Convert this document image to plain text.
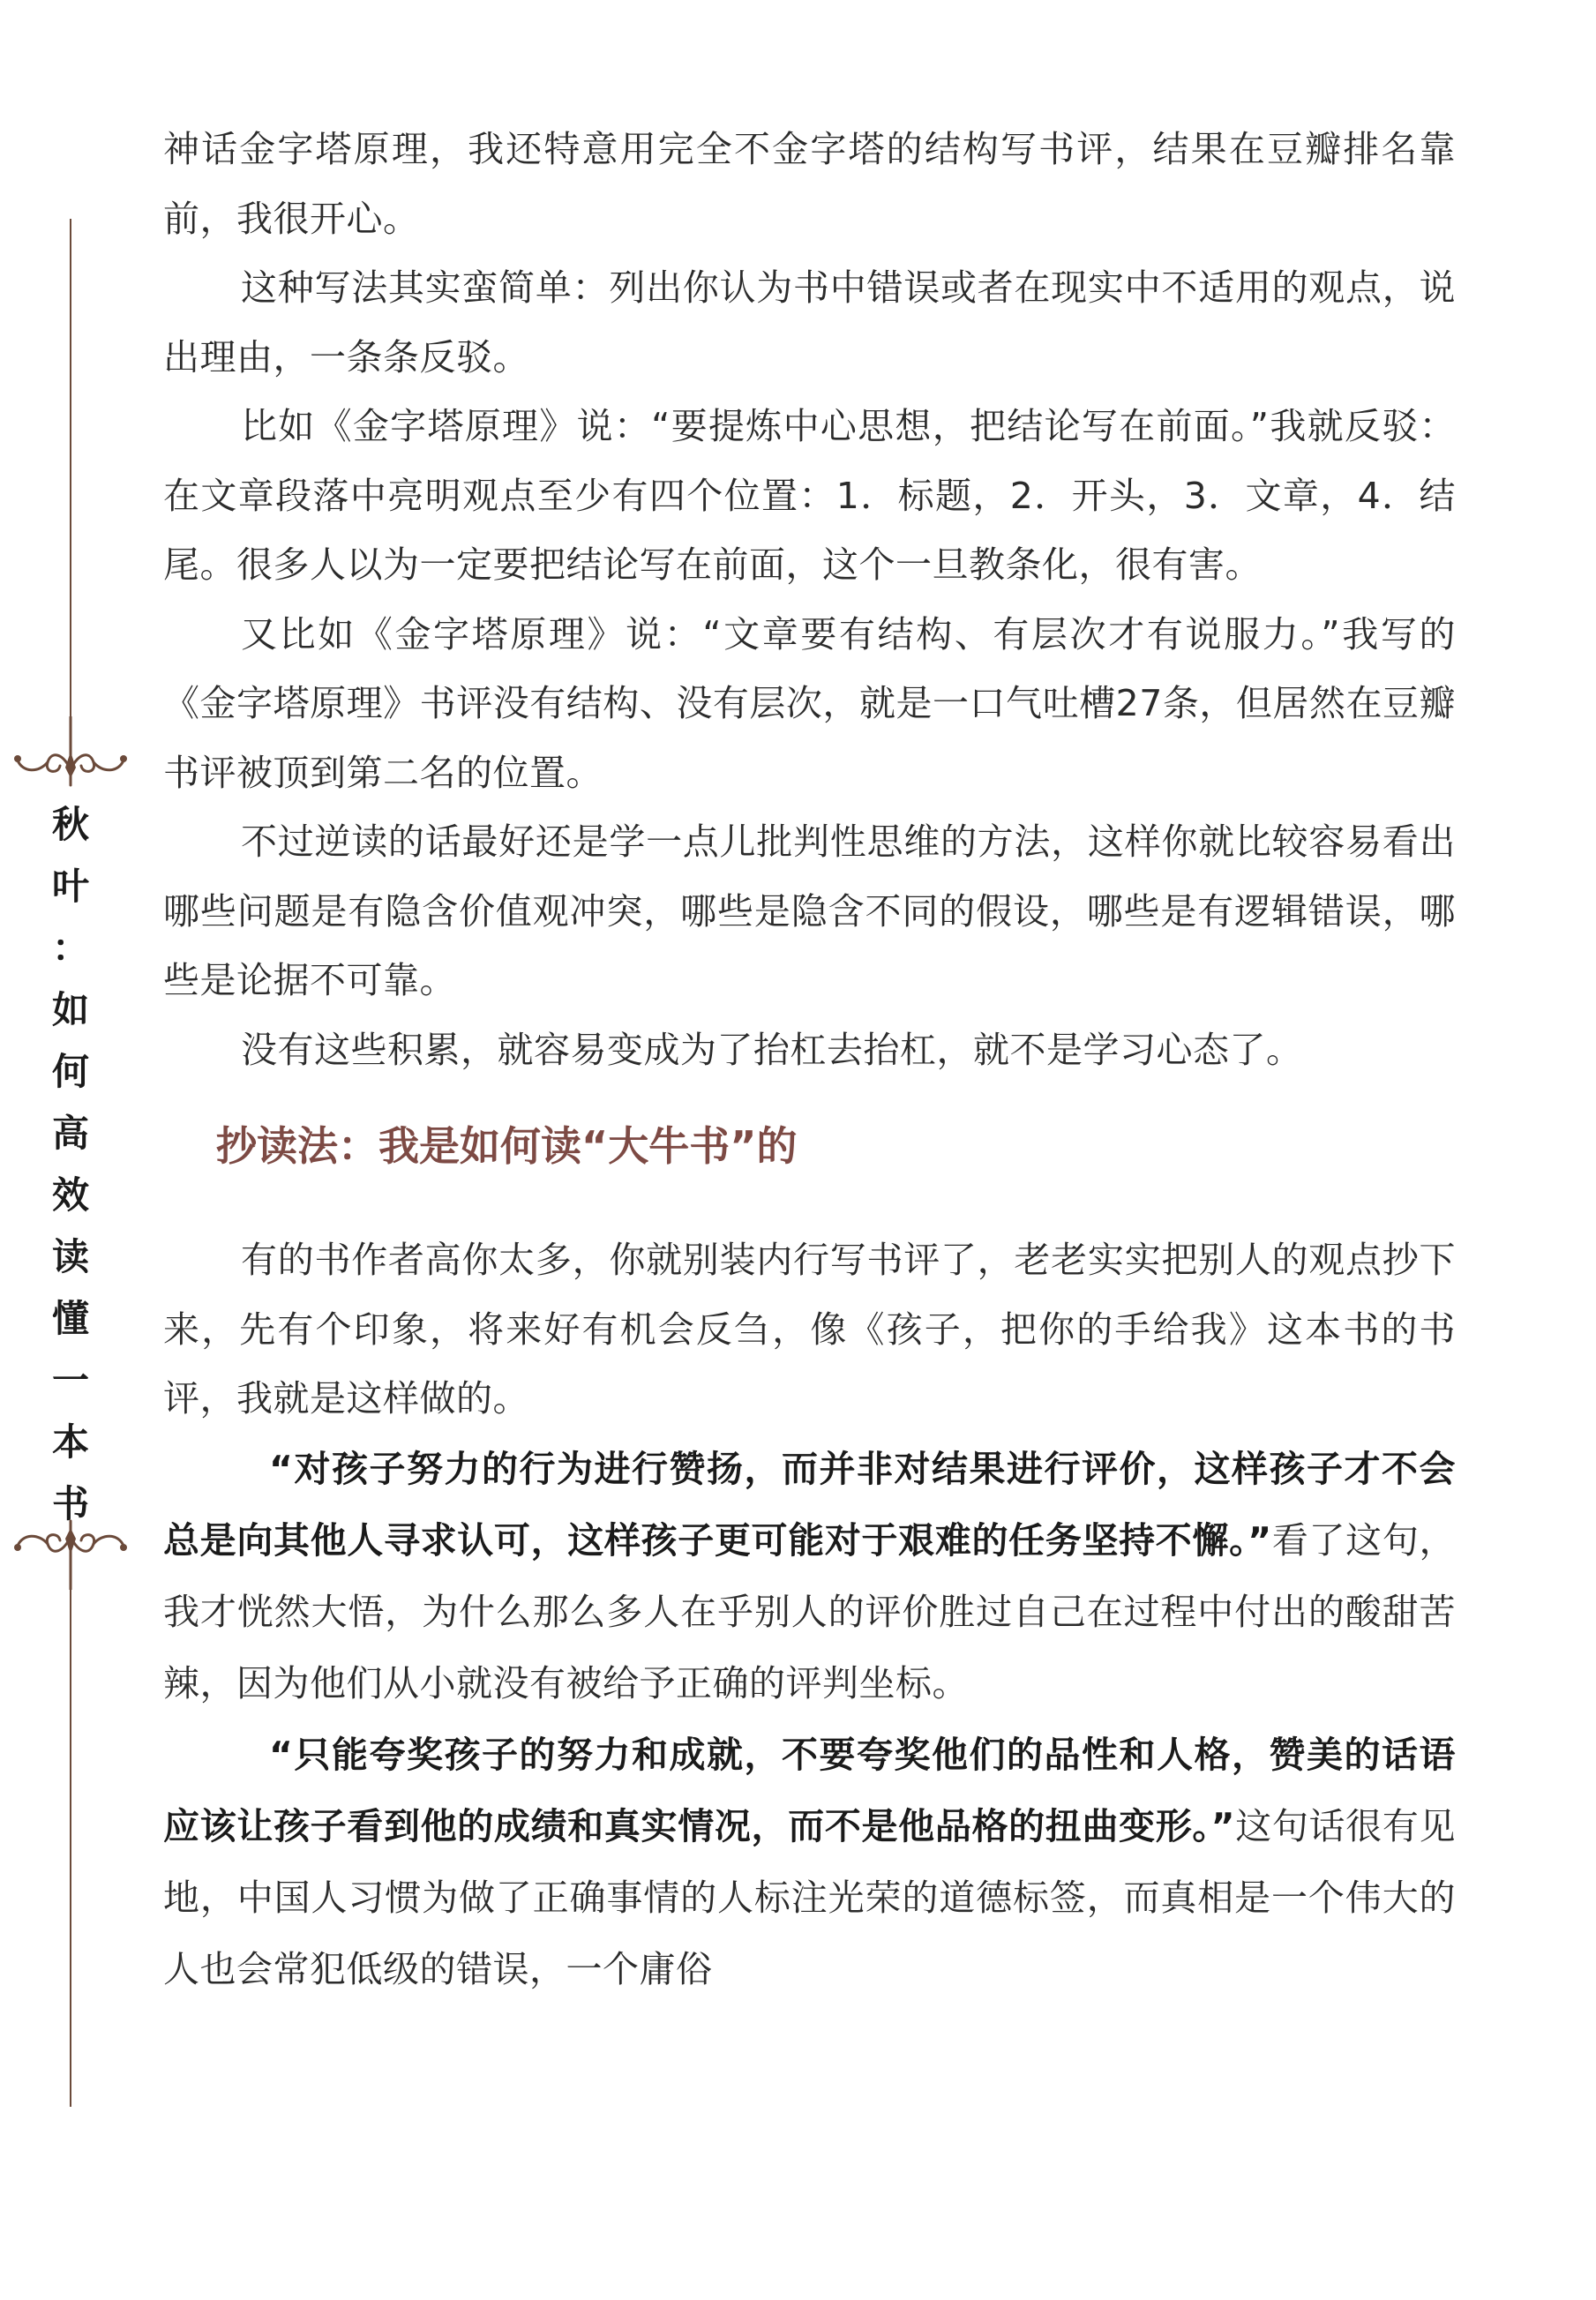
秋
叶
：
如
何
高
效
读
懂
一
本
书

神话金字塔原理，我还特意用完全不金字塔的结构写书评，结果在豆瓣排名靠前，我很开心。

这种写法其实蛮简单：列出你认为书中错误或者在现实中不适用的观点，说出理由，一条条反驳。

比如《金字塔原理》说：“要提炼中心思想，把结论写在前面。”我就反驳：在文章段落中亮明观点至少有四个位置：1．标题，2．开头，3．文章，4．结尾。很多人以为一定要把结论写在前面，这个一旦教条化，很有害。

又比如《金字塔原理》说：“文章要有结构、有层次才有说服力。”我写的《金字塔原理》书评没有结构、没有层次，就是一口气吐槽27条，但居然在豆瓣书评被顶到第二名的位置。

不过逆读的话最好还是学一点儿批判性思维的方法，这样你就比较容易看出哪些问题是有隐含价值观冲突，哪些是隐含不同的假设，哪些是有逻辑错误，哪些是论据不可靠。

没有这些积累，就容易变成为了抬杠去抬杠，就不是学习心态了。

抄读法：我是如何读“大牛书”的

有的书作者高你太多，你就别装内行写书评了，老老实实把别人的观点抄下来，先有个印象，将来好有机会反刍，像《孩子，把你的手给我》这本书的书评，我就是这样做的。

“对孩子努力的行为进行赞扬，而并非对结果进行评价，这样孩子才不会总是向其他人寻求认可，这样孩子更可能对于艰难的任务坚持不懈。”看了这句，我才恍然大悟，为什么那么多人在乎别人的评价胜过自己在过程中付出的酸甜苦辣，因为他们从小就没有被给予正确的评判坐标。

“只能夸奖孩子的努力和成就，不要夸奖他们的品性和人格，赞美的话语应该让孩子看到他的成绩和真实情况，而不是他品格的扭曲变形。”这句话很有见地，中国人习惯为做了正确事情的人标注光荣的道德标签，而真相是一个伟大的人也会常犯低级的错误，一个庸俗
